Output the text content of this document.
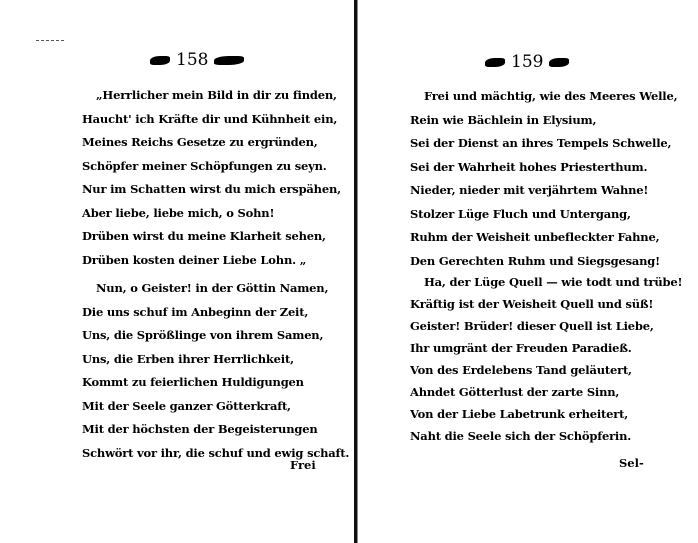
158
„Herrlicher mein Bild in dir zu finden,
Haucht' ich Kräfte dir und Kühnheit ein,
Meines Reichs Gesetze zu ergründen,
Schöpfer meiner Schöpfungen zu seyn.
Nur im Schatten wirst du mich erspähen,
Aber liebe, liebe mich, o Sohn!
Drüben wirst du meine Klarheit sehen,
Drüben kosten deiner Liebe Lohn. „
Nun, o Geister! in der Göttin Namen,
Die uns schuf im Anbeginn der Zeit,
Uns, die Sprößlinge von ihrem Samen,
Uns, die Erben ihrer Herrlichkeit,
Kommt zu feierlichen Huldigungen
Mit der Seele ganzer Götterkraft,
Mit der höchsten der Begeisterungen
Schwört vor ihr, die schuf und ewig schaft.
Frei
159
Frei und mächtig, wie des Meeres Welle,
Rein wie Bächlein in Elysium,
Sei der Dienst an ihres Tempels Schwelle,
Sei der Wahrheit hohes Priesterthum.
Nieder, nieder mit verjährtem Wahne!
Stolzer Lüge Fluch und Untergang,
Ruhm der Weisheit unbefleckter Fahne,
Den Gerechten Ruhm und Siegsgesang!
Ha, der Lüge Quell — wie todt und trübe!
Kräftig ist der Weisheit Quell und süß!
Geister! Brüder! dieser Quell ist Liebe,
Ihr umgränt der Freuden Paradieß.
Von des Erdelebens Tand geläutert,
Ahndet Götterlust der zarte Sinn,
Von der Liebe Labetrunk erheitert,
Naht die Seele sich der Schöpferin.
Sel-
